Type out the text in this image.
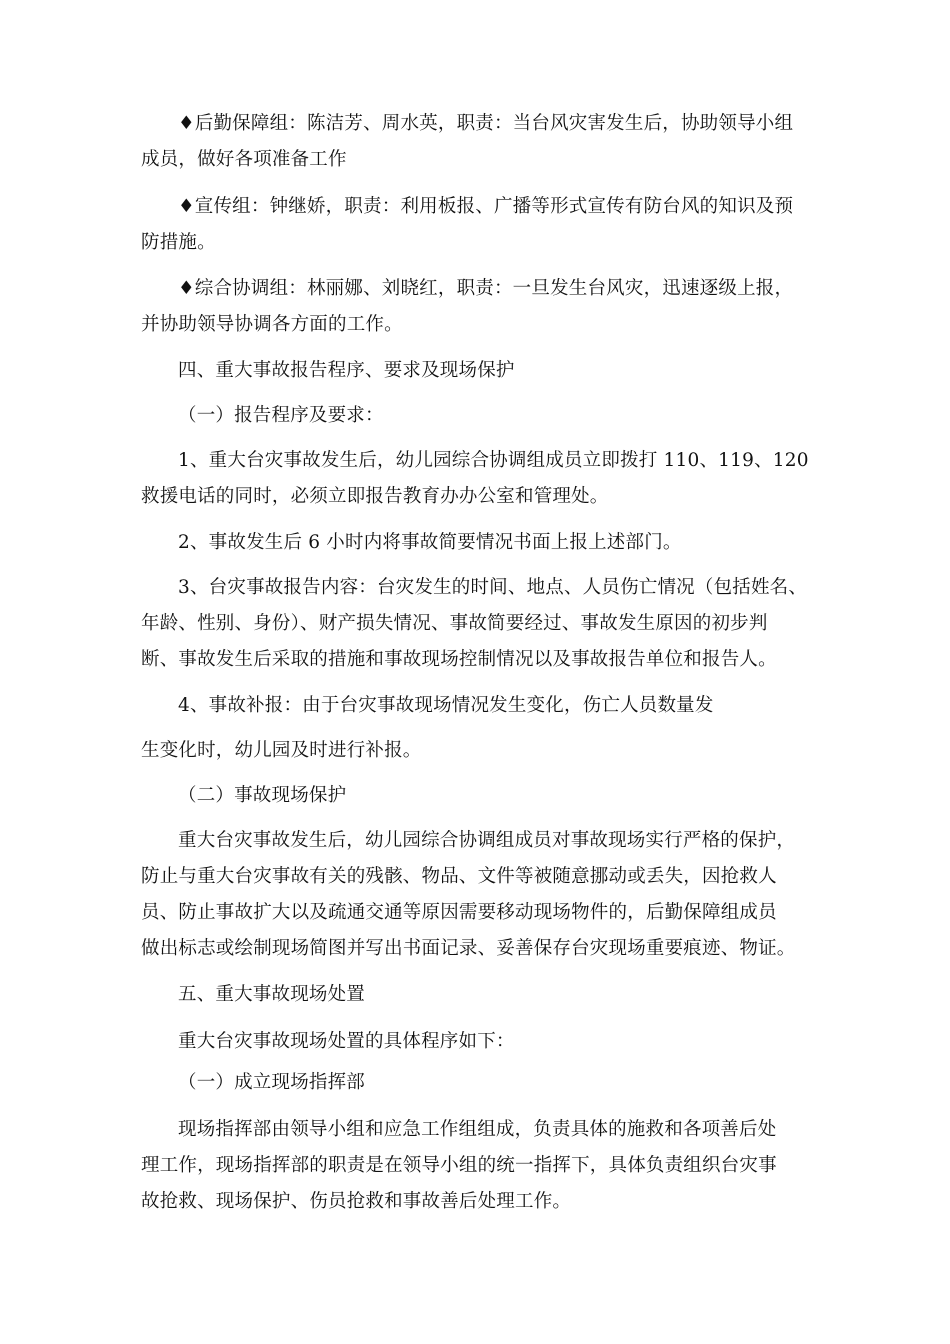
♦后勤保障组：陈洁芳、周水英，职责：当台风灾害发生后，协助领导小组
成员，做好各项准备工作
♦宣传组：钟继娇，职责：利用板报、广播等形式宣传有防台风的知识及预
防措施。
♦综合协调组：林丽娜、刘晓红，职责：一旦发生台风灾，迅速逐级上报，
并协助领导协调各方面的工作。
四、重大事故报告程序、要求及现场保护
（一）报告程序及要求：
1、重大台灾事故发生后，幼儿园综合协调组成员立即拨打 110、119、120
救援电话的同时，必须立即报告教育办办公室和管理处。
2、事故发生后 6 小时内将事故简要情况书面上报上述部门。
3、台灾事故报告内容：台灾发生的时间、地点、人员伤亡情况（包括姓名、
年龄、性别、身份）、财产损失情况、事故简要经过、事故发生原因的初步判
断、事故发生后采取的措施和事故现场控制情况以及事故报告单位和报告人。
4、事故补报：由于台灾事故现场情况发生变化，伤亡人员数量发
生变化时，幼儿园及时进行补报。
（二）事故现场保护
重大台灾事故发生后，幼儿园综合协调组成员对事故现场实行严格的保护，
防止与重大台灾事故有关的残骸、物品、文件等被随意挪动或丢失，因抢救人
员、防止事故扩大以及疏通交通等原因需要移动现场物件的，后勤保障组成员
做出标志或绘制现场简图并写出书面记录、妥善保存台灾现场重要痕迹、物证。
五、重大事故现场处置
重大台灾事故现场处置的具体程序如下：
（一）成立现场指挥部
现场指挥部由领导小组和应急工作组组成，负责具体的施救和各项善后处
理工作，现场指挥部的职责是在领导小组的统一指挥下，具体负责组织台灾事
故抢救、现场保护、伤员抢救和事故善后处理工作。
